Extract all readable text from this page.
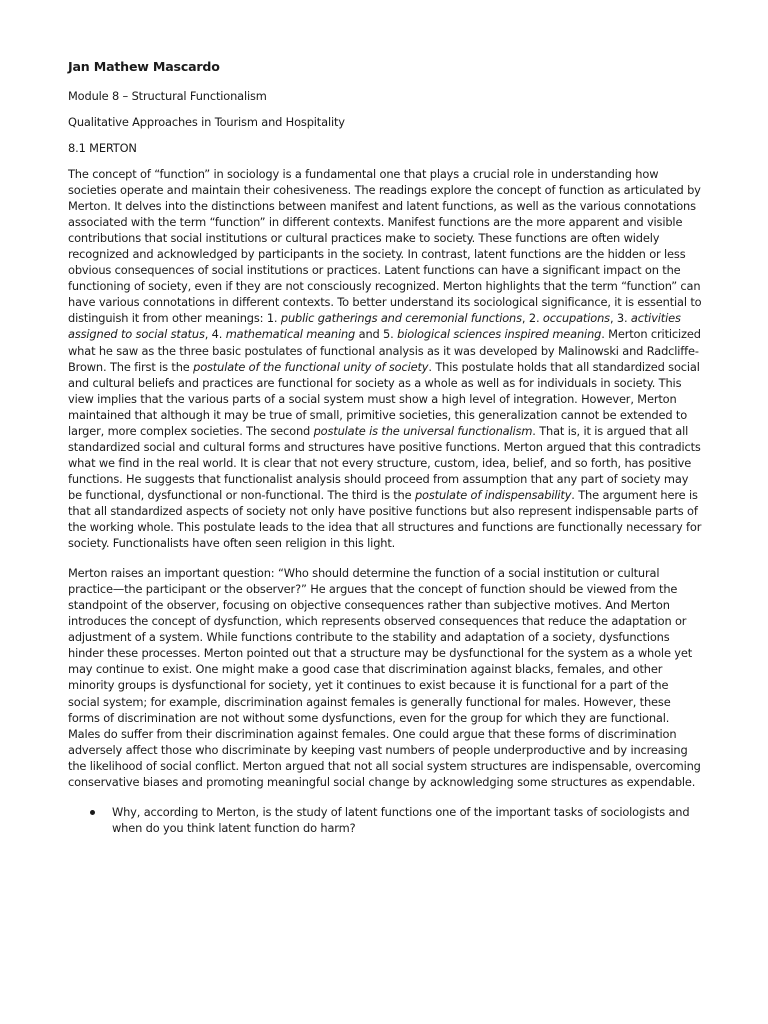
Jan Mathew Mascardo
Module 8 – Structural Functionalism
Qualitative Approaches in Tourism and Hospitality
8.1 MERTON
The concept of “function” in sociology is a fundamental one that plays a crucial role in understanding how societies operate and maintain their cohesiveness. The readings explore the concept of function as articulated by Merton. It delves into the distinctions between manifest and latent functions, as well as the various connotations associated with the term “function” in different contexts. Manifest functions are the more apparent and visible contributions that social institutions or cultural practices make to society. These functions are often widely recognized and acknowledged by participants in the society. In contrast, latent functions are the hidden or less obvious consequences of social institutions or practices. Latent functions can have a significant impact on the functioning of society, even if they are not consciously recognized. Merton highlights that the term “function” can have various connotations in different contexts. To better understand its sociological significance, it is essential to distinguish it from other meanings: 1. public gatherings and ceremonial functions, 2. occupations, 3. activities assigned to social status, 4. mathematical meaning and 5. biological sciences inspired meaning. Merton criticized what he saw as the three basic postulates of functional analysis as it was developed by Malinowski and Radcliffe-Brown. The first is the postulate of the functional unity of society. This postulate holds that all standardized social and cultural beliefs and practices are functional for society as a whole as well as for individuals in society. This view implies that the various parts of a social system must show a high level of integration. However, Merton maintained that although it may be true of small, primitive societies, this generalization cannot be extended to larger, more complex societies. The second postulate is the universal functionalism. That is, it is argued that all standardized social and cultural forms and structures have positive functions. Merton argued that this contradicts what we find in the real world. It is clear that not every structure, custom, idea, belief, and so forth, has positive functions. He suggests that functionalist analysis should proceed from assumption that any part of society may be functional, dysfunctional or non-functional. The third is the postulate of indispensability. The argument here is that all standardized aspects of society not only have positive functions but also represent indispensable parts of the working whole. This postulate leads to the idea that all structures and functions are functionally necessary for society. Functionalists have often seen religion in this light.
Merton raises an important question: “Who should determine the function of a social institution or cultural practice—the participant or the observer?” He argues that the concept of function should be viewed from the standpoint of the observer, focusing on objective consequences rather than subjective motives. And Merton introduces the concept of dysfunction, which represents observed consequences that reduce the adaptation or adjustment of a system. While functions contribute to the stability and adaptation of a society, dysfunctions hinder these processes. Merton pointed out that a structure may be dysfunctional for the system as a whole yet may continue to exist. One might make a good case that discrimination against blacks, females, and other minority groups is dysfunctional for society, yet it continues to exist because it is functional for a part of the social system; for example, discrimination against females is generally functional for males. However, these forms of discrimination are not without some dysfunctions, even for the group for which they are functional. Males do suffer from their discrimination against females. One could argue that these forms of discrimination adversely affect those who discriminate by keeping vast numbers of people underproductive and by increasing the likelihood of social conflict. Merton argued that not all social system structures are indispensable, overcoming conservative biases and promoting meaningful social change by acknowledging some structures as expendable.
Why, according to Merton, is the study of latent functions one of the important tasks of sociologists and when do you think latent function do harm?
